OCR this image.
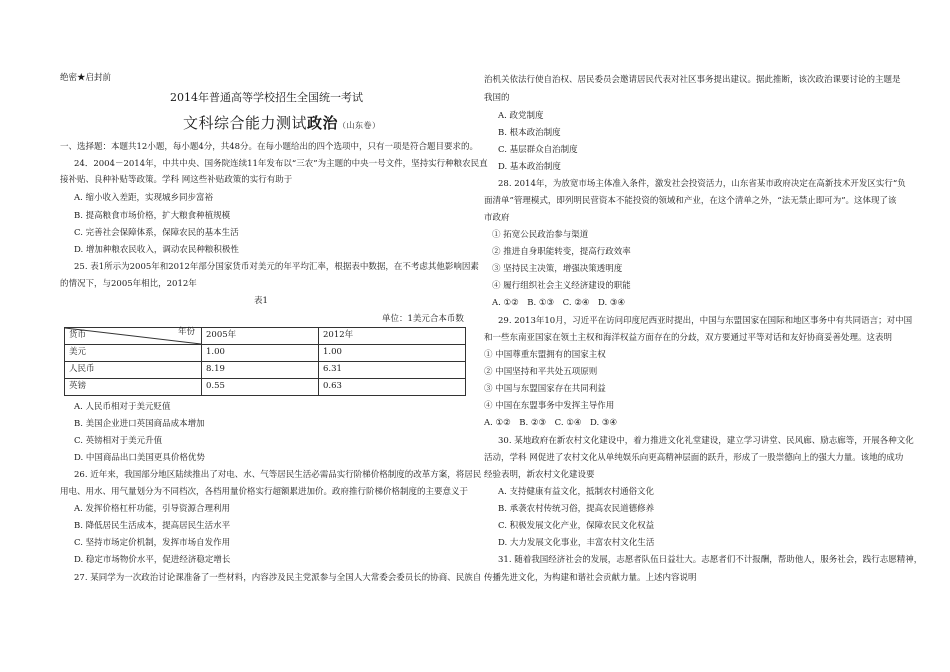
绝密★启封前
2014年普通高等学校招生全国统一考试
文科综合能力测试政治（山东卷）
一、选择题：本题共12小题，每小题4分，共48分。在每小题给出的四个选项中，只有一项是符合题目要求的。
24．2004－2014年，中共中央、国务院连续11年发布以“三农”为主题的中央一号文件，坚持实行种粮农民直
接补贴、良种补贴等政策。学科 网这些补贴政策的实行有助于
A. 缩小收入差距，实现城乡同步富裕
B. 提高粮食市场价格，扩大粮食种植规模
C. 完善社会保障体系，保障农民的基本生活
D. 增加种粮农民收入，调动农民种粮积极性
25. 表1所示为2005年和2012年部分国家货币对美元的年平均汇率，根据表中数据，在不考虑其他影响因素
的情况下，与2005年相比，2012年
表1
单位：1美元合本币数
货币 年份	2005年	2012年
美元	1.00	1.00
人民币	8.19	6.31
英镑	0.55	0.63
A. 人民币相对于美元贬值
B. 美国企业进口英国商品成本增加
C. 英镑相对于美元升值
D. 中国商品出口美国更具价格优势
26. 近年来，我国部分地区陆续推出了对电、水、气等居民生活必需品实行阶梯价格制度的改革方案，将居民
用电、用水、用气量划分为不同档次，各档用量价格实行超额累进加价。政府推行阶梯价格制度的主要意义于
A. 发挥价格杠杆功能，引导资源合理利用
B. 降低居民生活成本，提高居民生活水平
C. 坚持市场定价机制，发挥市场自发作用
D. 稳定市场物价水平，促进经济稳定增长
27. 某同学为一次政治讨论课准备了一些材料，内容涉及民主党派参与全国人大常委会委员长的协商、民族自
治机关依法行使自治权、居民委员会邀请居民代表对社区事务提出建议。据此推断，该次政治课要讨论的主题是
我国的
A. 政党制度
B. 根本政治制度
C. 基层群众自治制度
D. 基本政治制度
28. 2014年，为放宽市场主体准入条件，激发社会投资活力，山东省某市政府决定在高新技术开发区实行“负
面清单”管理模式，即列明民营资本不能投资的领域和产业，在这个清单之外，“法无禁止即可为”。这体现了该
市政府
① 拓宽公民政治参与渠道
② 推进自身职能转变，提高行政效率
③ 坚持民主决策，增强决策透明度
④ 履行组织社会主义经济建设的职能
A. ①②　B. ①③　C. ②④　D. ③④
29. 2013年10月，习近平在访问印度尼西亚时提出，中国与东盟国家在国际和地区事务中有共同语言；对中国
和一些东南亚国家在领土主权和海洋权益方面存在的分歧，双方要通过平等对话和友好协商妥善处理。这表明
① 中国尊重东盟拥有的国家主权
② 中国坚持和平共处五项原则
③ 中国与东盟国家存在共同利益
④ 中国在东盟事务中发挥主导作用
A. ①②　B. ②③　C. ①④　D. ③④
30. 某地政府在新农村文化建设中，着力推进文化礼堂建设，建立学习讲堂、民风廊、励志廊等，开展各种文化
活动，学科 网促进了农村文化从单纯娱乐向更高精神层面的跃升，形成了一股崇德向上的强大力量。该地的成功
经验表明，新农村文化建设要
A. 支持健康有益文化，抵制农村通俗文化
B. 承袭农村传统习俗，提高农民道德修养
C. 积极发展文化产业，保障农民文化权益
D. 大力发展文化事业，丰富农村文化生活
31. 随着我国经济社会的发展，志愿者队伍日益壮大。志愿者们不计报酬，帮助他人，服务社会，践行志愿精神，
传播先进文化，为构建和谐社会贡献力量。上述内容说明
